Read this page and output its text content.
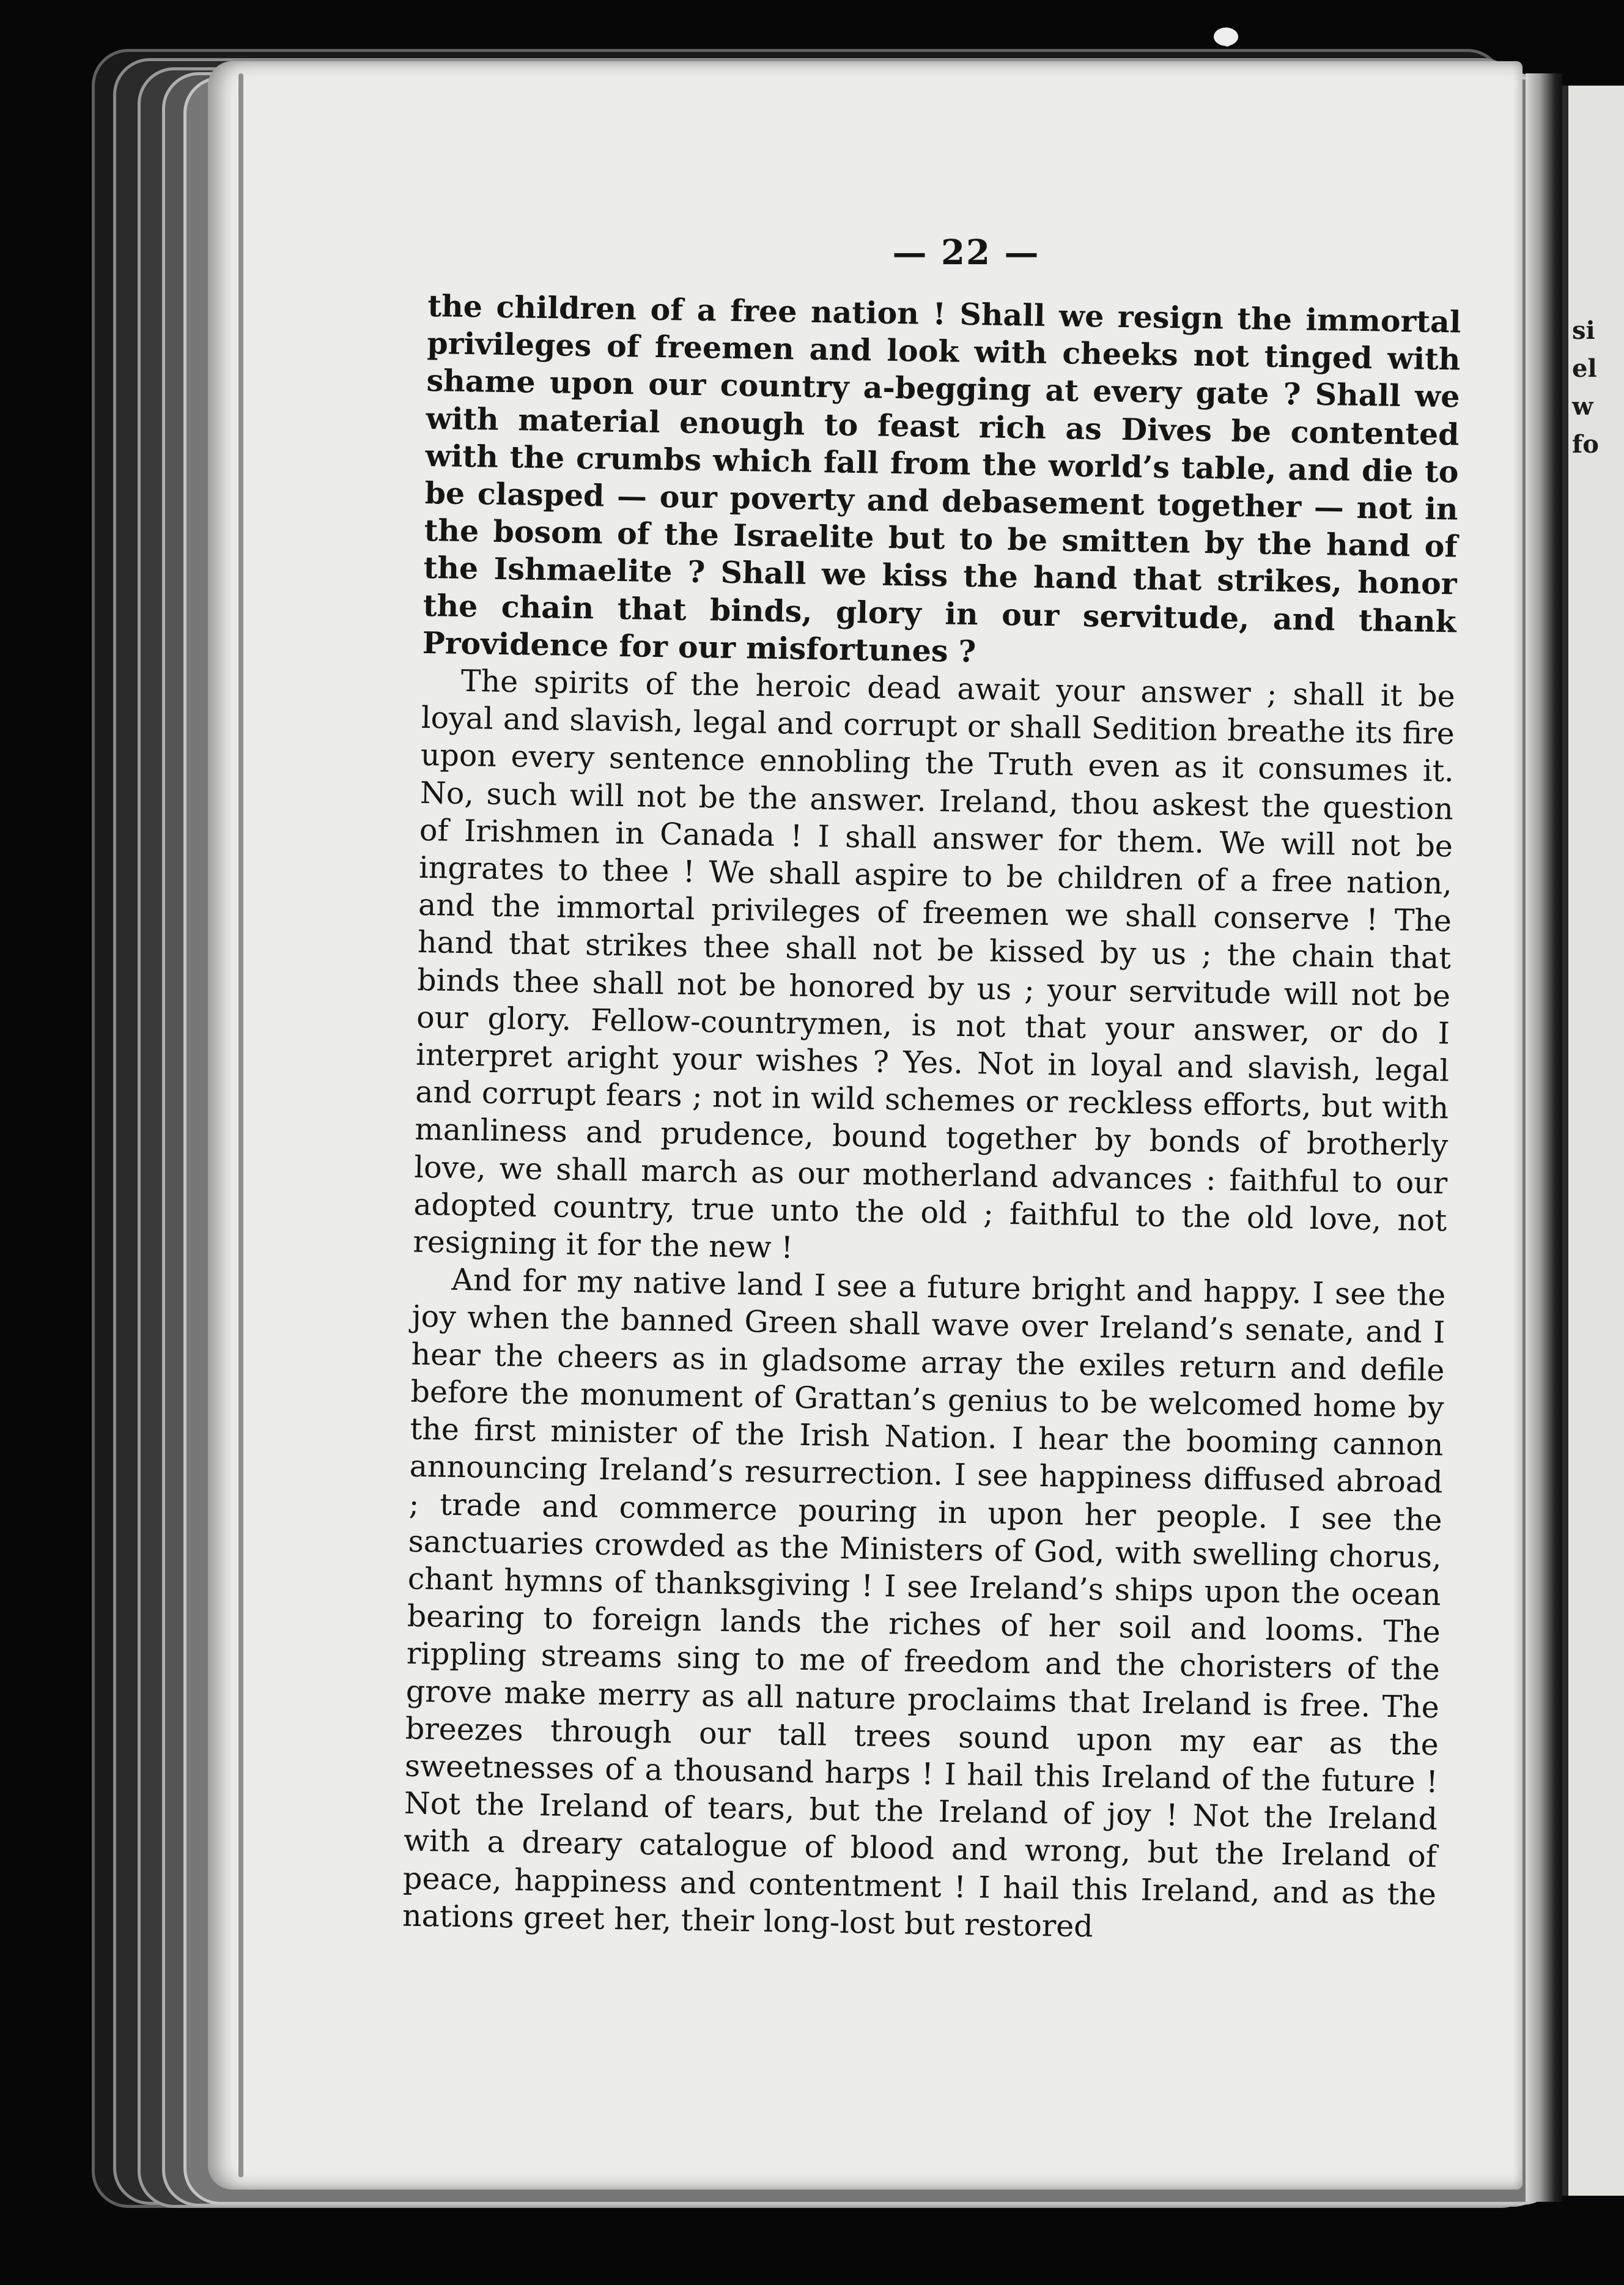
si
el
w
fo
— 22 —

the children of a free nation ! Shall we resign the immortal privileges of freemen and look with cheeks not tinged with shame upon our country a-begging at every gate ? Shall we with material enough to feast rich as Dives be contented with the crumbs which fall from the world’s table, and die to be clasped — our poverty and debasement together — not in the bosom of the Israelite but to be smitten by the hand of the Ishmaelite ? Shall we kiss the hand that strikes, honor the chain that binds, glory in our servitude, and thank Providence for our misfortunes ?

The spirits of the heroic dead await your answer ; shall it be loyal and slavish, legal and corrupt or shall Sedition breathe its fire upon every sentence ennobling the Truth even as it consumes it. No, such will not be the answer. Ireland, thou askest the question of Irishmen in Canada ! I shall answer for them. We will not be ingrates to thee ! We shall aspire to be children of a free nation, and the immortal privileges of freemen we shall conserve ! The hand that strikes thee shall not be kissed by us ; the chain that binds thee shall not be honored by us ; your servitude will not be our glory. Fellow-countrymen, is not that your answer, or do I interpret aright your wishes ? Yes. Not in loyal and slavish, legal and corrupt fears ; not in wild schemes or reckless efforts, but with manliness and prudence, bound together by bonds of brotherly love, we shall march as our motherland advances : faithful to our adopted country, true unto the old ; faithful to the old love, not resigning it for the new !

And for my native land I see a future bright and happy. I see the joy when the banned Green shall wave over Ireland’s senate, and I hear the cheers as in gladsome array the exiles return and defile before the monument of Grattan’s genius to be welcomed home by the first minister of the Irish Nation. I hear the booming cannon announcing Ireland’s resurrection. I see happiness diffused abroad ; trade and commerce pouring in upon her people. I see the sanctuaries crowded as the Ministers of God, with swelling chorus, chant hymns of thanksgiving ! I see Ireland’s ships upon the ocean bearing to foreign lands the riches of her soil and looms. The rippling streams sing to me of freedom and the choristers of the grove make merry as all nature proclaims that Ireland is free. The breezes through our tall trees sound upon my ear as the sweetnesses of a thousand harps ! I hail this Ireland of the future ! Not the Ireland of tears, but the Ireland of joy ! Not the Ireland with a dreary catalogue of blood and wrong, but the Ireland of peace, happiness and contentment ! I hail this Ireland, and as the nations greet her, their long-lost but restored
